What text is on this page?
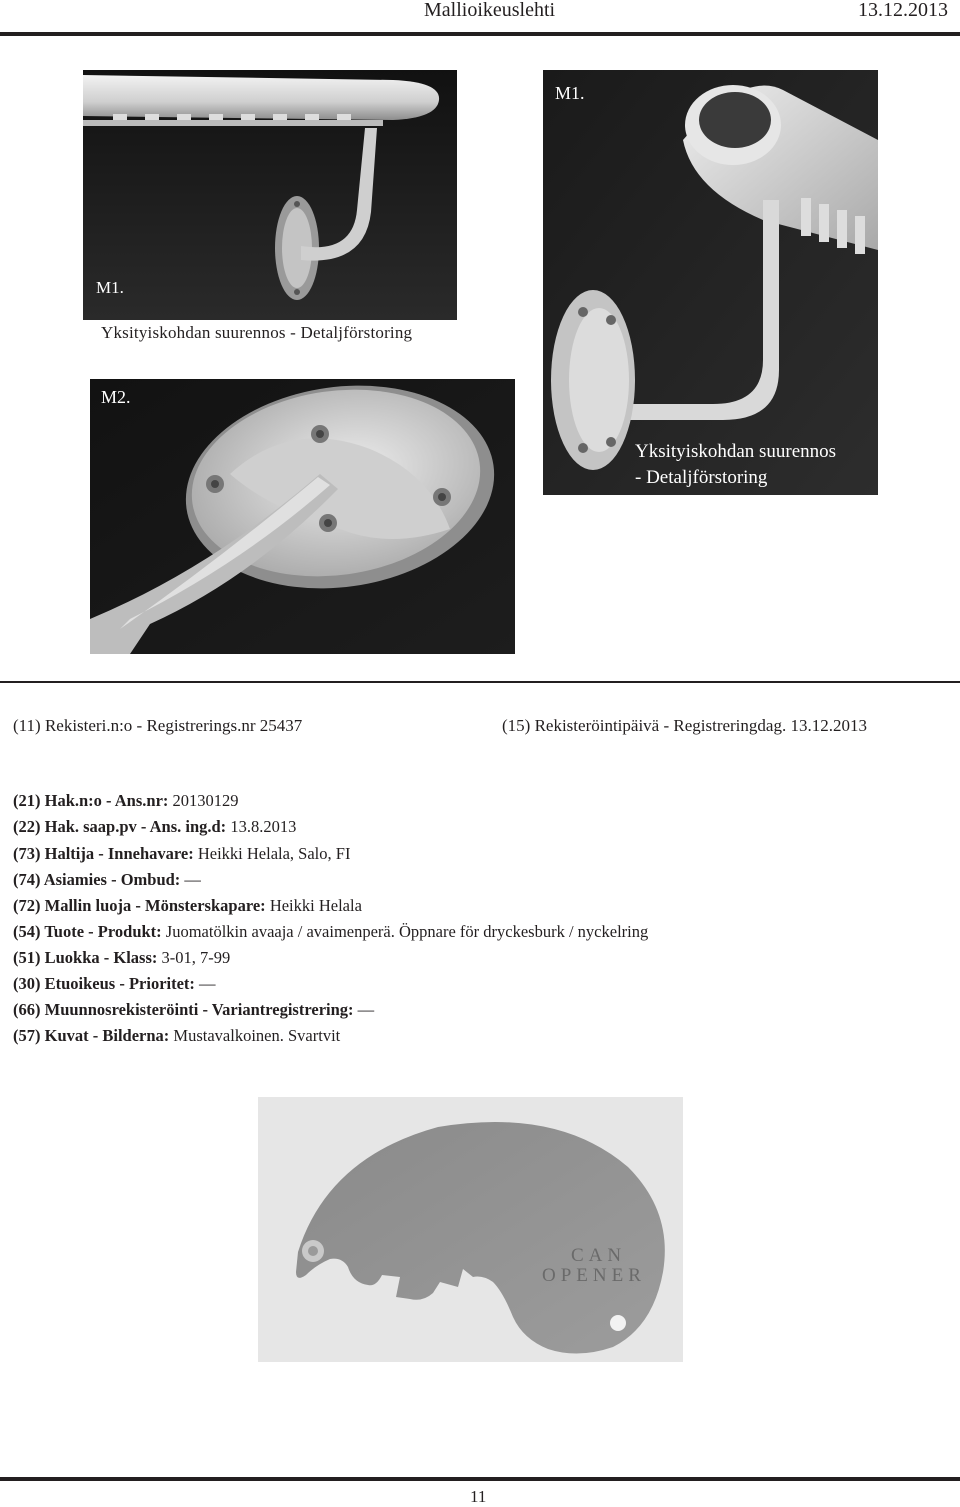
Mallioikeuslehti	13.12.2013
M1.
Yksityiskohdan suurennos - Detaljförstoring
M1.
Yksityiskohdan suurennos
- Detaljförstoring
M2.
(11) Rekisteri.n:o - Registrerings.nr 25437	(15) Rekisteröintipäivä - Registreringdag. 13.12.2013
(21) Hak.n:o - Ans.nr: 20130129
(22) Hak. saap.pv - Ans. ing.d: 13.8.2013
(73) Haltija - Innehavare: Heikki Helala, Salo, FI
(74) Asiamies - Ombud: —
(72) Mallin luoja - Mönsterskapare: Heikki Helala
(54) Tuote - Produkt: Juomatölkin avaaja / avaimenperä. Öppnare för dryckesburk / nyckelring
(51) Luokka - Klass: 3-01, 7-99
(30) Etuoikeus - Prioritet: —
(66) Muunnosrekisteröinti - Variantregistrering: —
(57) Kuvat - Bilderna: Mustavalkoinen. Svartvit
CAN
OPENER
11
